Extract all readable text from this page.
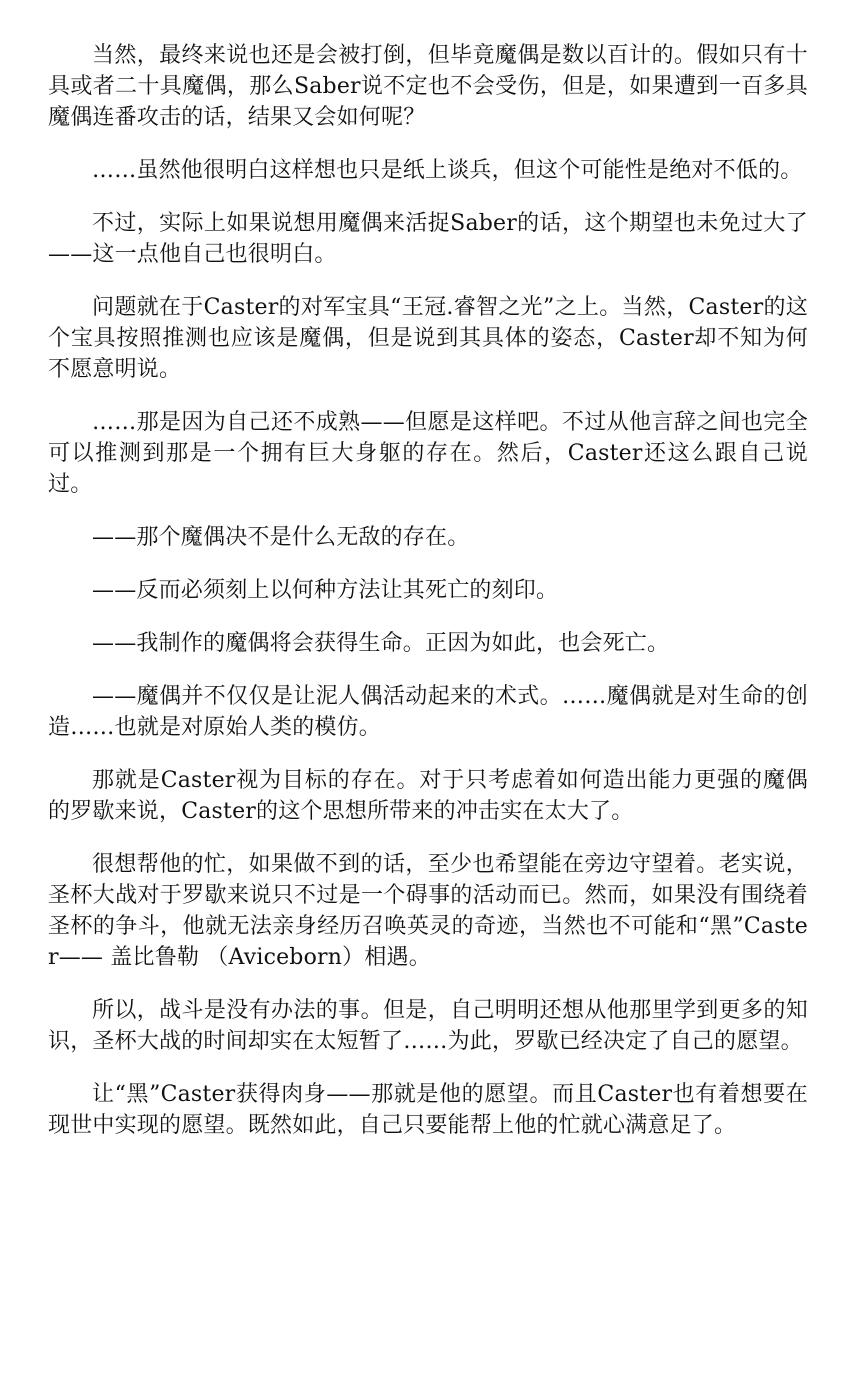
当然，最终来说也还是会被打倒，但毕竟魔偶是数以百计的。假如只有十具或者二十具魔偶，那么Saber说不定也不会受伤，但是，如果遭到一百多具魔偶连番攻击的话，结果又会如何呢？

……虽然他很明白这样想也只是纸上谈兵，但这个可能性是绝对不低的。

不过，实际上如果说想用魔偶来活捉Saber的话，这个期望也未免过大了——这一点他自己也很明白。

问题就在于Caster的对军宝具“王冠.睿智之光”之上。当然，Caster的这个宝具按照推测也应该是魔偶，但是说到其具体的姿态，Caster却不知为何不愿意明说。

……那是因为自己还不成熟——但愿是这样吧。不过从他言辞之间也完全可以推测到那是一个拥有巨大身躯的存在。然后，Caster还这么跟自己说过。

——那个魔偶决不是什么无敌的存在。

——反而必须刻上以何种方法让其死亡的刻印。

——我制作的魔偶将会获得生命。正因为如此，也会死亡。

——魔偶并不仅仅是让泥人偶活动起来的术式。……魔偶就是对生命的创造……也就是对原始人类的模仿。

那就是Caster视为目标的存在。对于只考虑着如何造出能力更强的魔偶的罗歇来说，Caster的这个思想所带来的冲击实在太大了。

很想帮他的忙，如果做不到的话，至少也希望能在旁边守望着。老实说，圣杯大战对于罗歇来说只不过是一个碍事的活动而已。然而，如果没有围绕着圣杯的争斗，他就无法亲身经历召唤英灵的奇迹，当然也不可能和“黑”Caster—— 盖比鲁勒 （Aviceborn）相遇。

所以，战斗是没有办法的事。但是，自己明明还想从他那里学到更多的知识，圣杯大战的时间却实在太短暂了……为此，罗歇已经决定了自己的愿望。

让“黑”Caster获得肉身——那就是他的愿望。而且Caster也有着想要在现世中实现的愿望。既然如此，自己只要能帮上他的忙就心满意足了。
